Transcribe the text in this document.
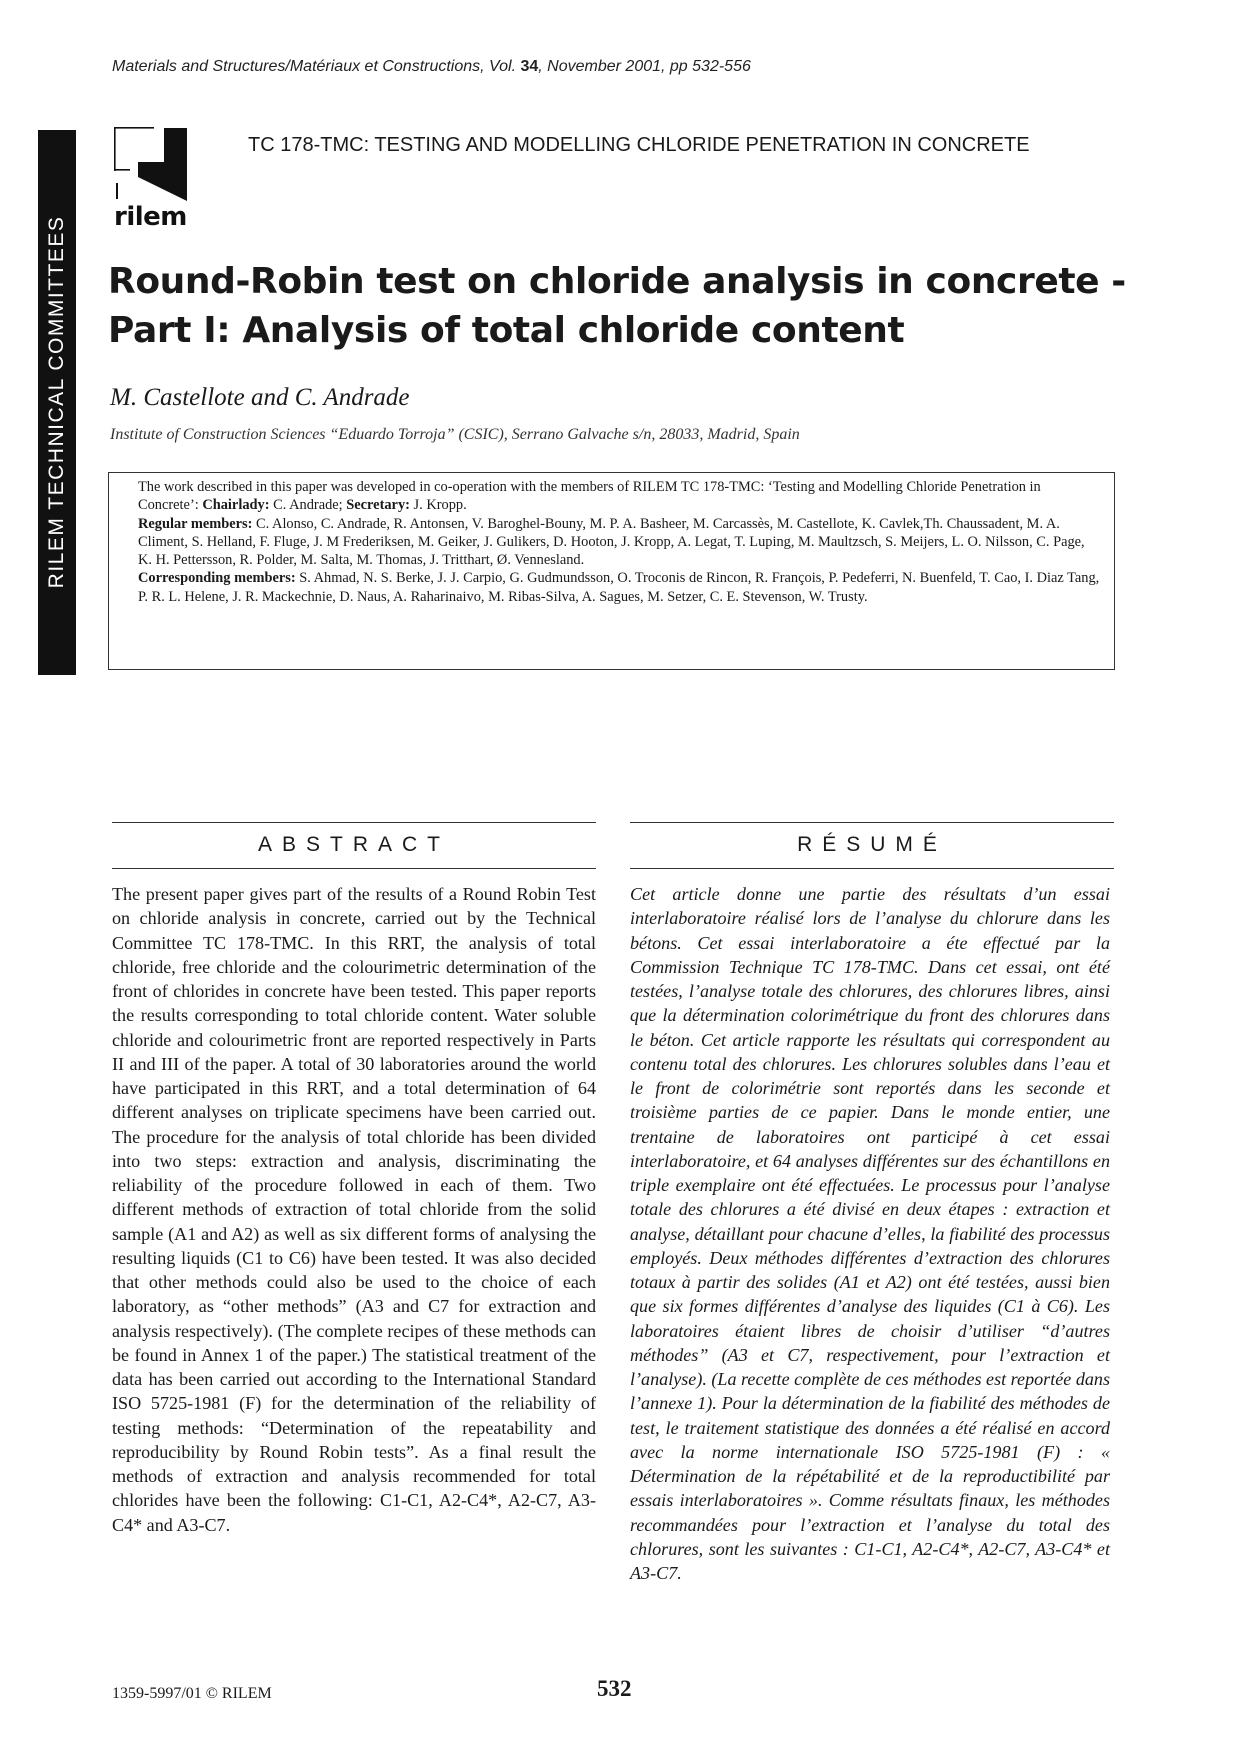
Materials and Structures/Matériaux et Constructions, Vol. 34, November 2001, pp 532-556
RILEM TECHNICAL COMMITTEES rilem
TC 178-TMC: TESTING AND MODELLING CHLORIDE PENETRATION IN CONCRETE
Round-Robin test on chloride analysis in concrete -
Part I: Analysis of total chloride content
M. Castellote and C. Andrade
Institute of Construction Sciences “Eduardo Torroja” (CSIC), Serrano Galvache s/n, 28033, Madrid, Spain

The work described in this paper was developed in co-operation with the members of RILEM TC 178-TMC: ‘Testing and Modelling Chloride Penetration in Concrete’: Chairlady: C. Andrade; Secretary: J. Kropp.

Regular members: C. Alonso, C. Andrade, R. Antonsen, V. Baroghel-Bouny, M. P. A. Basheer, M. Carcassès, M. Castellote, K. Cavlek,Th. Chaussadent, M. A. Climent, S. Helland, F. Fluge, J. M Frederiksen, M. Geiker, J. Gulikers, D. Hooton, J. Kropp, A. Legat, T. Luping, M. Maultzsch, S. Meijers, L. O. Nilsson, C. Page, K. H. Pettersson, R. Polder, M. Salta, M. Thomas, J. Tritthart, Ø. Vennesland.

Corresponding members: S. Ahmad, N. S. Berke, J. J. Carpio, G. Gudmundsson, O. Troconis de Rincon, R. François, P. Pedeferri, N. Buenfeld, T. Cao, I. Diaz Tang, P. R. L. Helene, J. R. Mackechnie, D. Naus, A. Raharinaivo, M. Ribas-Silva, A. Sagues, M. Setzer, C. E. Stevenson, W. Trusty.

ABSTRACT
The present paper gives part of the results of a Round Robin Test on chloride analysis in concrete, carried out by the Technical Committee TC 178-TMC. In this RRT, the analysis of total chloride, free chloride and the colourimetric determination of the front of chlorides in concrete have been tested. This paper reports the results corresponding to total chloride content. Water soluble chloride and colourimetric front are reported respectively in Parts II and III of the paper. A total of 30 laboratories around the world have participated in this RRT, and a total determination of 64 different analyses on triplicate specimens have been carried out. The procedure for the analysis of total chloride has been divided into two steps: extraction and analysis, discriminating the reliability of the procedure followed in each of them. Two different methods of extraction of total chloride from the solid sample (A1 and A2) as well as six different forms of analysing the resulting liquids (C1 to C6) have been tested. It was also decided that other methods could also be used to the choice of each laboratory, as “other methods” (A3 and C7 for extraction and analysis respectively). (The complete recipes of these methods can be found in Annex 1 of the paper.) The statistical treatment of the data has been carried out according to the International Standard ISO 5725-1981 (F) for the determination of the reliability of testing methods: “Determination of the repeatability and reproducibility by Round Robin tests”. As a final result the methods of extraction and analysis recommended for total chlorides have been the following: C1-C1, A2-C4*, A2-C7, A3-C4* and A3-C7.
RÉSUMÉ
Cet article donne une partie des résultats d’un essai interlaboratoire réalisé lors de l’analyse du chlorure dans les bétons. Cet essai interlaboratoire a éte effectué par la Commission Technique TC 178-TMC. Dans cet essai, ont été testées, l’analyse totale des chlorures, des chlorures libres, ainsi que la détermination colorimétrique du front des chlorures dans le béton. Cet article rapporte les résultats qui correspondent au contenu total des chlorures. Les chlorures solubles dans l’eau et le front de colorimétrie sont reportés dans les seconde et troisième parties de ce papier. Dans le monde entier, une trentaine de laboratoires ont participé à cet essai interlaboratoire, et 64 analyses différentes sur des échantillons en triple exemplaire ont été effectuées. Le processus pour l’analyse totale des chlorures a été divisé en deux étapes : extraction et analyse, détaillant pour chacune d’elles, la fiabilité des processus employés. Deux méthodes différentes d’extraction des chlorures totaux à partir des solides (A1 et A2) ont été testées, aussi bien que six formes différentes d’analyse des liquides (C1 à C6). Les laboratoires étaient libres de choisir d’utiliser “d’autres méthodes” (A3 et C7, respectivement, pour l’extraction et l’analyse). (La recette complète de ces méthodes est reportée dans l’annexe 1). Pour la détermination de la fiabilité des méthodes de test, le traitement statistique des données a été réalisé en accord avec la norme internationale ISO 5725-1981 (F) : « Détermination de la répétabilité et de la reproductibilité par essais interlaboratoires ». Comme résultats finaux, les méthodes recommandées pour l’extraction et l’analyse du total des chlorures, sont les suivantes : C1-C1, A2-C4*, A2-C7, A3-C4* et A3-C7.
1359-5997/01 © RILEM	532
